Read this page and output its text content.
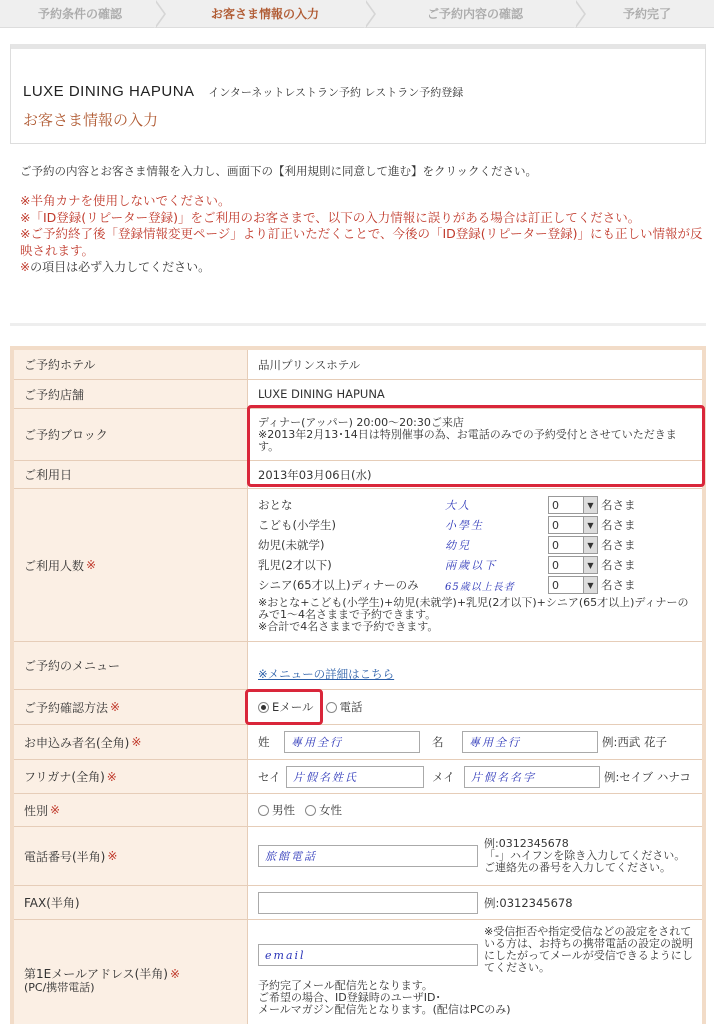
予約条件の確認	お客さま情報の入力	ご予約内容の確認	予約完了
LUXE DINING HAPUNA インターネットレストラン予約 レストラン予約登録
お客さま情報の入力
ご予約の内容とお客さま情報を入力し、画面下の【利用規則に同意して進む】をクリックください。
※半角カナを使用しないでください。
※「ID登録(リピーター登録)」をご利用のお客さまで、以下の入力情報に誤りがある場合は訂正してください。
※ご予約終了後「登録情報変更ページ」より訂正いただくことで、今後の「ID登録(リピーター登録)」にも正しい情報が反映されます。
※の項目は必ず入力してください。
ご予約ホテル	品川プリンスホテル
ご予約店舗	LUXE DINING HAPUNA
ご予約ブロック
ディナー(アッパー) 20:00～20:30ご来店
※2013年2月13･14日は特別催事の為、お電話のみでの予約受付とさせていただきます。
ご利用日	2013年03月06日(水)
ご利用人数 ※
おとな	大人	0	▼ 名さま
こども(小学生)	小學生	0	▼ 名さま
幼児(未就学)	幼兒	0	▼ 名さま
乳児(2才以下)	兩歲以下	0	▼ 名さま
シニア(65才以上)ディナーのみ	65歲以上長者	0	▼ 名さま
※おとな+こども(小学生)+幼児(未就学)+乳児(2才以下)+シニア(65才以上)ディナーのみで1～4名さままで予約できます。
※合計で4名さままで予約できます。
ご予約のメニュー
※メニューの詳細はこちら
ご予約確認方法 ※	Eメール	電話
お申込み者名(全角) ※	姓	專用全行	名	專用全行	例:西武 花子
フリガナ(全角) ※	セイ	片假名姓氏	メイ	片假名名字	例:セイブ ハナコ
性別 ※	男性	女性
電話番号(半角) ※	旅館電話
例:0312345678
「-」ハイフンを除き入力してください。
ご連絡先の番号を入力してください。
FAX(半角)	例:0312345678
第1Eメールアドレス(半角) ※
(PC/携帯電話)
email
※受信拒否や指定受信などの設定をされている方は、お持ちの携帯電話の設定の説明にしたがってメールが受信できるようにしてください。
予約完了メール配信先となります。
ご希望の場合、ID登録時のユーザID･
メールマガジン配信先となります。(配信はPCのみ)
